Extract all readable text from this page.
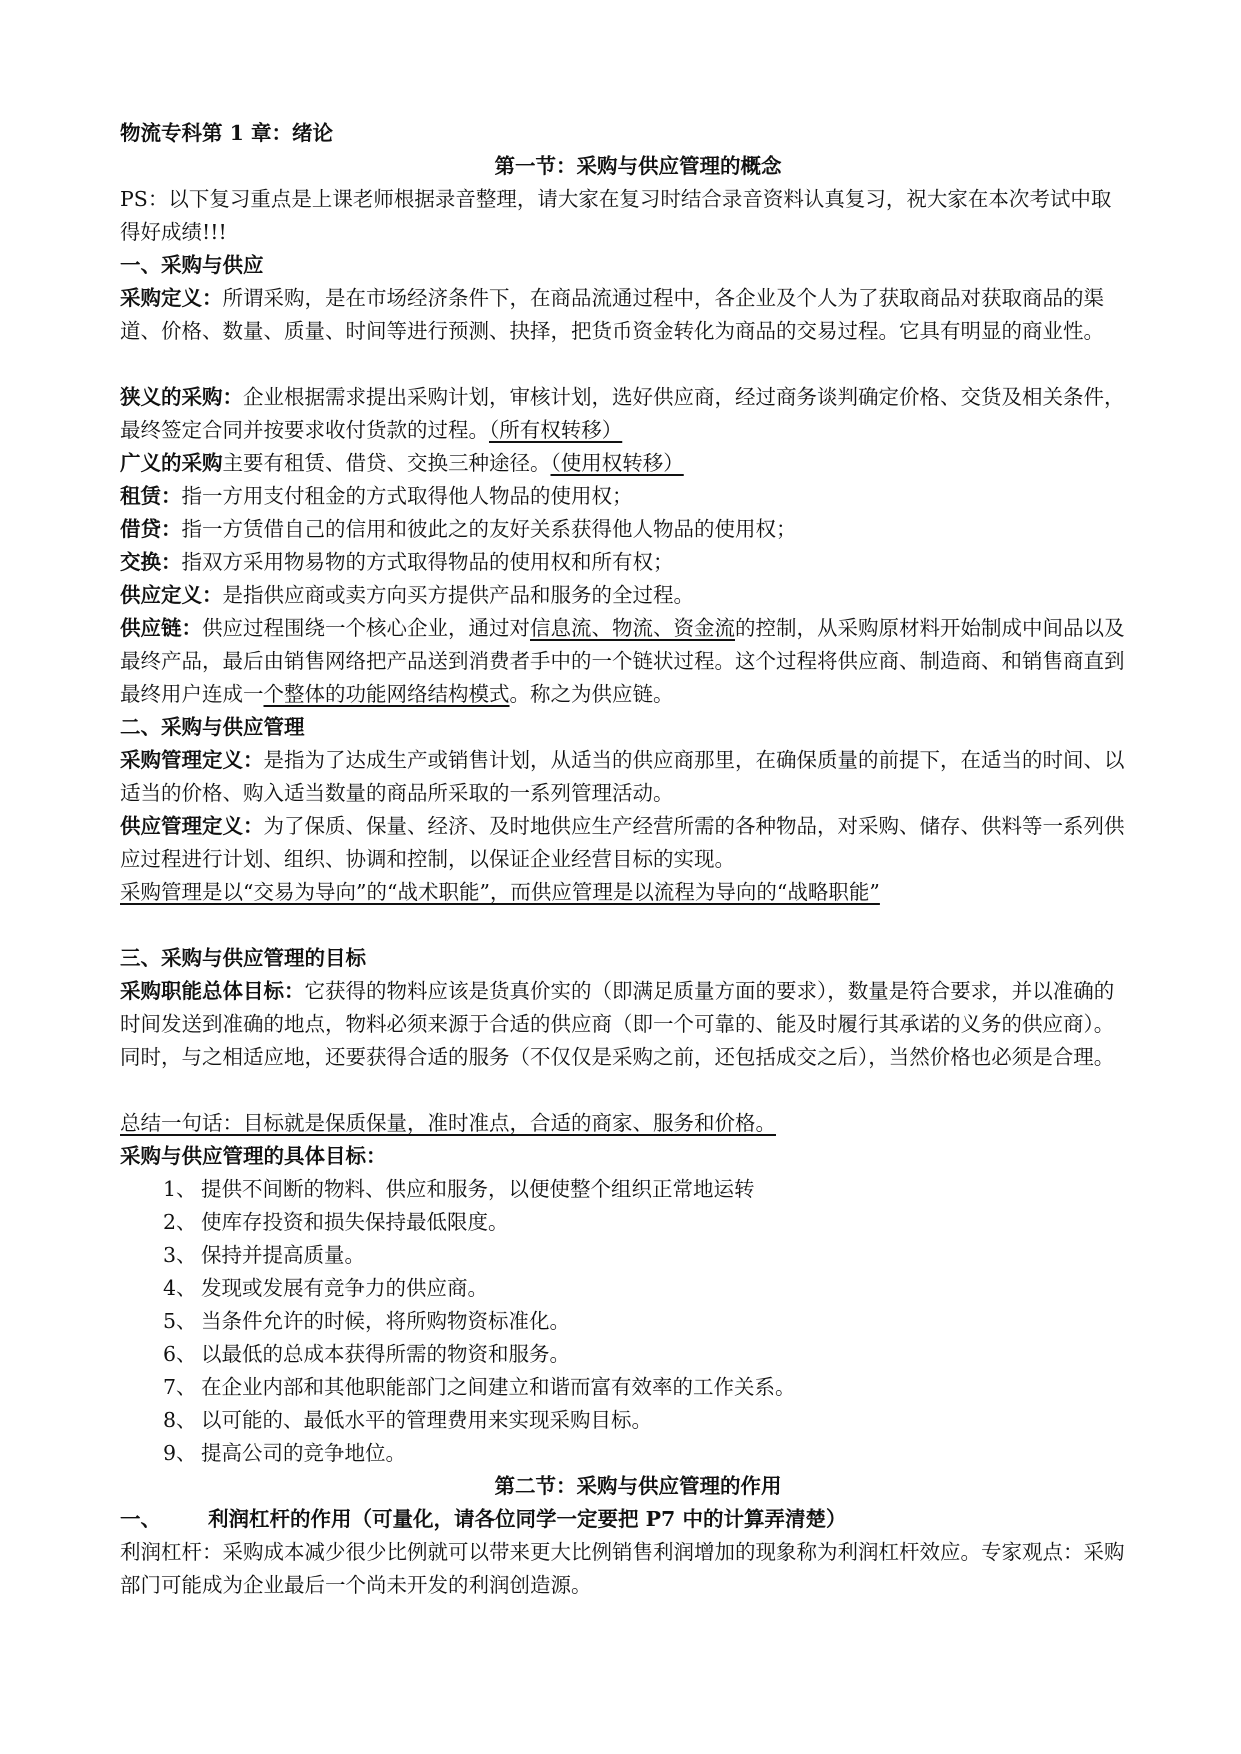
物流专科第 1 章：绪论

第一节：采购与供应管理的概念

PS：以下复习重点是上课老师根据录音整理，请大家在复习时结合录音资料认真复习，祝大家在本次考试中取得好成绩!!!

一、采购与供应

采购定义：所谓采购，是在市场经济条件下，在商品流通过程中，各企业及个人为了获取商品对获取商品的渠道、价格、数量、质量、时间等进行预测、抉择，把货币资金转化为商品的交易过程。它具有明显的商业性。

狭义的采购：企业根据需求提出采购计划，审核计划，选好供应商，经过商务谈判确定价格、交货及相关条件，最终签定合同并按要求收付货款的过程。（所有权转移）

广义的采购主要有租赁、借贷、交换三种途径。（使用权转移）

租赁：指一方用支付租金的方式取得他人物品的使用权；

借贷：指一方赁借自己的信用和彼此之的友好关系获得他人物品的使用权；

交换：指双方采用物易物的方式取得物品的使用权和所有权；

供应定义：是指供应商或卖方向买方提供产品和服务的全过程。

供应链：供应过程围绕一个核心企业，通过对信息流、物流、资金流的控制，从采购原材料开始制成中间品以及最终产品，最后由销售网络把产品送到消费者手中的一个链状过程。这个过程将供应商、制造商、和销售商直到最终用户连成一个整体的功能网络结构模式。称之为供应链。

二、采购与供应管理

采购管理定义：是指为了达成生产或销售计划，从适当的供应商那里，在确保质量的前提下，在适当的时间、以适当的价格、购入适当数量的商品所采取的一系列管理活动。

供应管理定义：为了保质、保量、经济、及时地供应生产经营所需的各种物品，对采购、储存、供料等一系列供应过程进行计划、组织、协调和控制，以保证企业经营目标的实现。

采购管理是以“交易为导向”的“战术职能”，而供应管理是以流程为导向的“战略职能”

三、采购与供应管理的目标

采购职能总体目标：它获得的物料应该是货真价实的（即满足质量方面的要求），数量是符合要求，并以准确的时间发送到准确的地点，物料必须来源于合适的供应商（即一个可靠的、能及时履行其承诺的义务的供应商）。同时，与之相适应地，还要获得合适的服务（不仅仅是采购之前，还包括成交之后），当然价格也必须是合理。

总结一句话：目标就是保质保量，准时准点，合适的商家、服务和价格。

采购与供应管理的具体目标：

1、 提供不间断的物料、供应和服务，以便使整个组织正常地运转
2、 使库存投资和损失保持最低限度。
3、 保持并提高质量。
4、 发现或发展有竞争力的供应商。
5、 当条件允许的时候，将所购物资标准化。
6、 以最低的总成本获得所需的物资和服务。
7、 在企业内部和其他职能部门之间建立和谐而富有效率的工作关系。
8、 以可能的、最低水平的管理费用来实现采购目标。
9、 提高公司的竞争地位。

第二节：采购与供应管理的作用

一、 利润杠杆的作用（可量化，请各位同学一定要把 P7 中的计算弄清楚）

利润杠杆：采购成本减少很少比例就可以带来更大比例销售利润增加的现象称为利润杠杆效应。专家观点：采购部门可能成为企业最后一个尚未开发的利润创造源。
